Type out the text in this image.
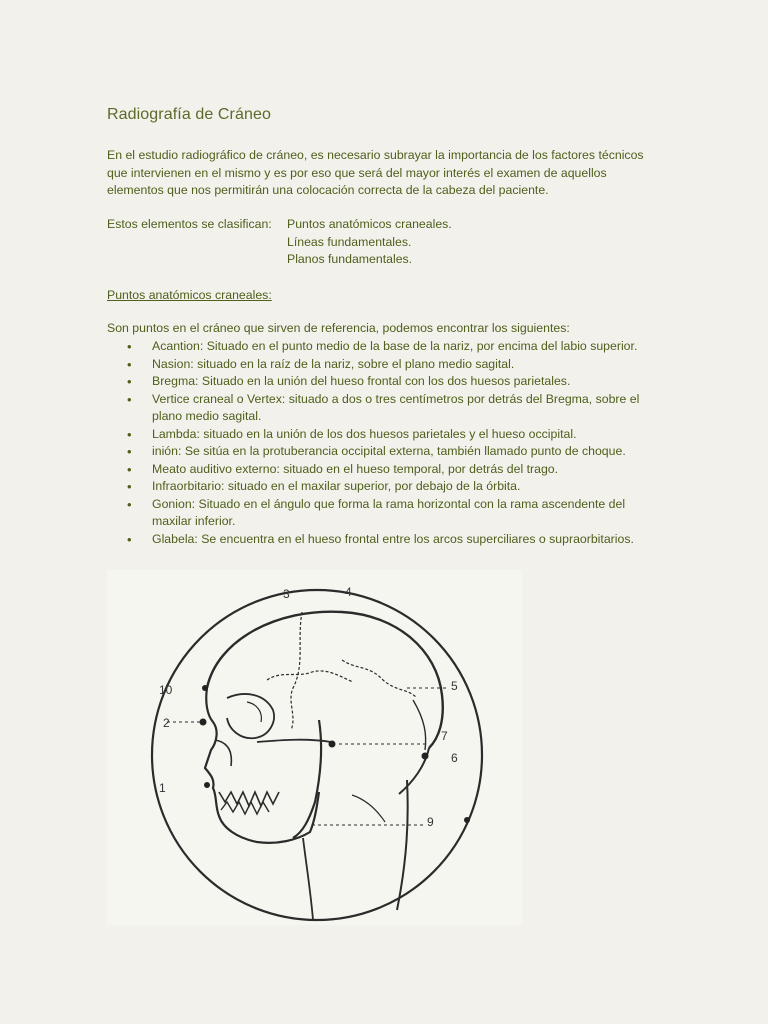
Radiografía de Cráneo

En el estudio radiográfico de cráneo, es necesario subrayar la importancia de los factores técnicos
que intervienen en el mismo y es por eso que será del mayor interés el examen de aquellos
elementos que nos permitirán una colocación correcta de la cabeza del paciente.

Estos elementos se clasifican: Puntos anatómicos craneales.
Líneas fundamentales.
Planos fundamentales.
Puntos anatómicos craneales:
Son puntos en el cráneo que sirven de referencia, podemos encontrar los siguientes:
• Acantion: Situado en el punto medio de la base de la nariz, por encima del labio superior.
• Nasion: situado en la raíz de la nariz, sobre el plano medio sagital.
• Bregma: Situado en la unión del hueso frontal con los dos huesos parietales.
• Vertice craneal o Vertex: situado a dos o tres centímetros por detrás del Bregma, sobre el plano medio sagital.
• Lambda: situado en la unión de los dos huesos parietales y el hueso occipital.
• inión: Se sitúa en la protuberancia occipital externa, también llamado punto de choque.
• Meato auditivo externo: situado en el hueso temporal, por detrás del trago.
• Infraorbitario: situado en el maxilar superior, por debajo de la órbita.
• Gonion: Situado en el ángulo que forma la rama horizontal con la rama ascendente del maxilar inferior.
• Glabela: Se encuentra en el hueso frontal entre los arcos superciliares o supraorbitarios.
10
2
1
3	4
5
7
6
9
